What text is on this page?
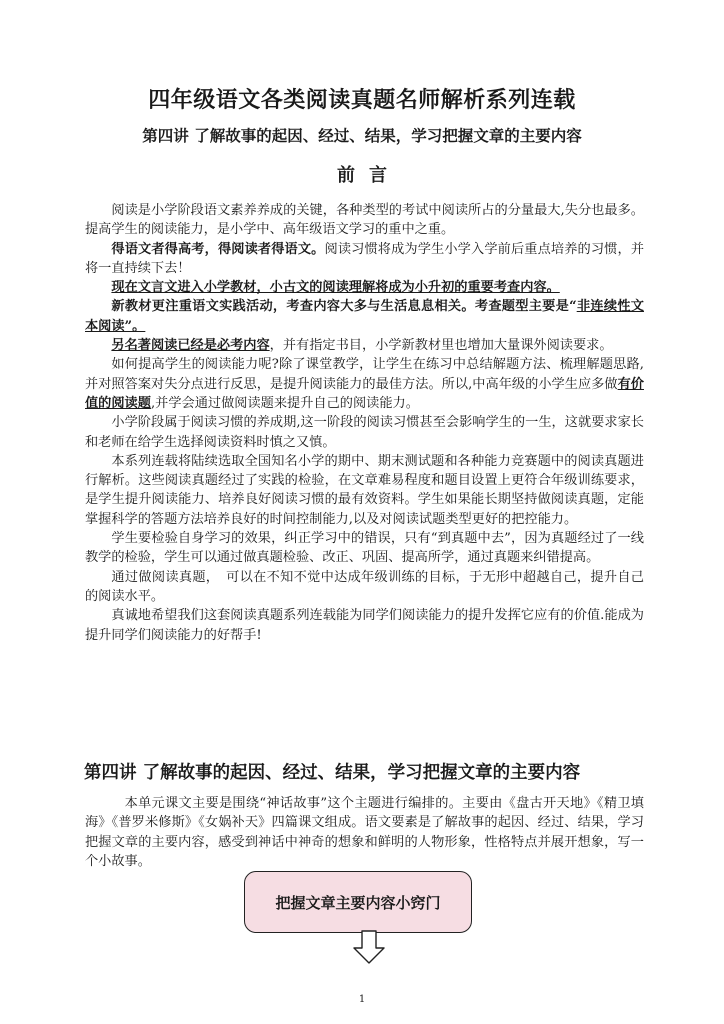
四年级语文各类阅读真题名师解析系列连载
第四讲 了解故事的起因、经过、结果，学习把握文章的主要内容
前言

阅读是小学阶段语文素养养成的关键，各种类型的考试中阅读所占的分量最大,失分也最多。提高学生的阅读能力，是小学中、高年级语文学习的重中之重。

得语文者得高考，得阅读者得语文。阅读习惯将成为学生小学入学前后重点培养的习惯，并将一直持续下去！

现在文言文进入小学教材，小古文的阅读理解将成为小升初的重要考查内容。

新教材更注重语文实践活动，考查内容大多与生活息息相关。考查题型主要是“非连续性文本阅读”。

另名著阅读已经是必考内容，并有指定书目，小学新教材里也增加大量课外阅读要求。

如何提高学生的阅读能力呢?除了课堂教学，让学生在练习中总结解题方法、梳理解题思路,并对照答案对失分点进行反思，是提升阅读能力的最佳方法。所以,中高年级的小学生应多做有价值的阅读题,并学会通过做阅读题来提升自己的阅读能力。

小学阶段属于阅读习惯的养成期,这一阶段的阅读习惯甚至会影响学生的一生，这就要求家长和老师在给学生选择阅读资料时慎之又慎。

本系列连载将陆续选取全国知名小学的期中、期末测试题和各种能力竞赛题中的阅读真题进行解析。这些阅读真题经过了实践的检验，在文章难易程度和题目设置上更符合年级训练要求，是学生提升阅读能力、培养良好阅读习惯的最有效资料。学生如果能长期坚持做阅读真题，定能掌握科学的答题方法培养良好的时间控制能力,以及对阅读试题类型更好的把控能力。

学生要检验自身学习的效果，纠正学习中的错误，只有“到真题中去”，因为真题经过了一线教学的检验，学生可以通过做真题检验、改正、巩固、提高所学，通过真题来纠错提高。

通过做阅读真题，　可以在不知不觉中达成年级训练的目标，于无形中超越自己，提升自己的阅读水平。

真诚地希望我们这套阅读真题系列连载能为同学们阅读能力的提升发挥它应有的价值.能成为提升同学们阅读能力的好帮手!

第四讲 了解故事的起因、经过、结果，学习把握文章的主要内容

本单元课文主要是围绕“神话故事”这个主题进行编排的。主要由《盘古开天地》《精卫填海》《普罗米修斯》《女娲补天》四篇课文组成。语文要素是了解故事的起因、经过、结果，学习把握文章的主要内容，感受到神话中神奇的想象和鲜明的人物形象，性格特点并展开想象，写一个小故事。

把握文章主要内容小窍门
1
